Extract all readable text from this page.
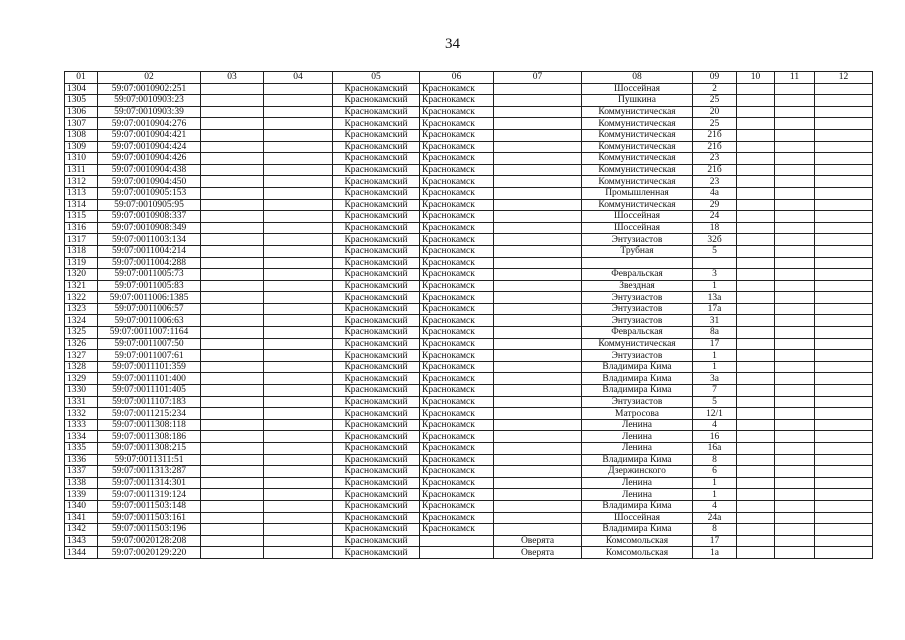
34
01	02	03	04	05	06	07	08	09	10	11	12
1304	59:07:0010902:251			Краснокамский	Краснокамск		Шоссейная	2			
1305	59:07:0010903:23			Краснокамский	Краснокамск		Пушкина	25			
1306	59:07:0010903:39			Краснокамский	Краснокамск		Коммунистическая	20			
1307	59:07:0010904:276			Краснокамский	Краснокамск		Коммунистическая	25			
1308	59:07:0010904:421			Краснокамский	Краснокамск		Коммунистическая	21б			
1309	59:07:0010904:424			Краснокамский	Краснокамск		Коммунистическая	21б			
1310	59:07:0010904:426			Краснокамский	Краснокамск		Коммунистическая	23			
1311	59:07:0010904:438			Краснокамский	Краснокамск		Коммунистическая	21б			
1312	59:07:0010904:450			Краснокамский	Краснокамск		Коммунистическая	23			
1313	59:07:0010905:153			Краснокамский	Краснокамск		Промышленная	4а			
1314	59:07:0010905:95			Краснокамский	Краснокамск		Коммунистическая	29			
1315	59:07:0010908:337			Краснокамский	Краснокамск		Шоссейная	24			
1316	59:07:0010908:349			Краснокамский	Краснокамск		Шоссейная	18			
1317	59:07:0011003:134			Краснокамский	Краснокамск		Энтузиастов	32б			
1318	59:07:0011004:214			Краснокамский	Краснокамск		Трубная	5			
1319	59:07:0011004:288			Краснокамский	Краснокамск						
1320	59:07:0011005:73			Краснокамский	Краснокамск		Февральская	3			
1321	59:07:0011005:83			Краснокамский	Краснокамск		Звездная	1			
1322	59:07:0011006:1385			Краснокамский	Краснокамск		Энтузиастов	13а			
1323	59:07:0011006:57			Краснокамский	Краснокамск		Энтузиастов	17а			
1324	59:07:0011006:63			Краснокамский	Краснокамск		Энтузиастов	31			
1325	59:07:0011007:1164			Краснокамский	Краснокамск		Февральская	8а			
1326	59:07:0011007:50			Краснокамский	Краснокамск		Коммунистическая	17			
1327	59:07:0011007:61			Краснокамский	Краснокамск		Энтузиастов	1			
1328	59:07:0011101:359			Краснокамский	Краснокамск		Владимира Кима	1			
1329	59:07:0011101:400			Краснокамский	Краснокамск		Владимира Кима	3а			
1330	59:07:0011101:405			Краснокамский	Краснокамск		Владимира Кима	7			
1331	59:07:0011107:183			Краснокамский	Краснокамск		Энтузиастов	5			
1332	59:07:0011215:234			Краснокамский	Краснокамск		Матросова	12/1			
1333	59:07:0011308:118			Краснокамский	Краснокамск		Ленина	4			
1334	59:07:0011308:186			Краснокамский	Краснокамск		Ленина	16			
1335	59:07:0011308:215			Краснокамский	Краснокамск		Ленина	16а			
1336	59:07:0011311:51			Краснокамский	Краснокамск		Владимира Кима	8			
1337	59:07:0011313:287			Краснокамский	Краснокамск		Дзержинского	6			
1338	59:07:0011314:301			Краснокамский	Краснокамск		Ленина	1			
1339	59:07:0011319:124			Краснокамский	Краснокамск		Ленина	1			
1340	59:07:0011503:148			Краснокамский	Краснокамск		Владимира Кима	4			
1341	59:07:0011503:161			Краснокамский	Краснокамск		Шоссейная	24а			
1342	59:07:0011503:196			Краснокамский	Краснокамск		Владимира Кима	8			
1343	59:07:0020128:208			Краснокамский		Оверята	Комсомольская	17			
1344	59:07:0020129:220			Краснокамский		Оверята	Комсомольская	1а			
